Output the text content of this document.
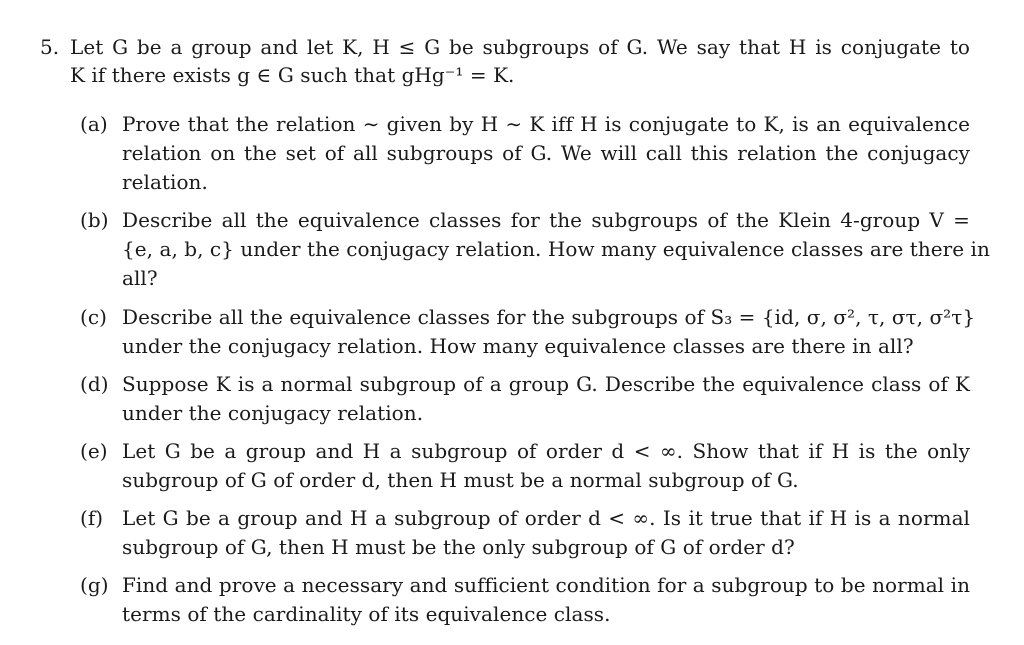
5. Let G be a group and let K, H ≤ G be subgroups of G. We say that H is conjugate to
K if there exists g ∈ G such that gHg⁻¹ = K.
(a) Prove that the relation ∼ given by H ∼ K iff H is conjugate to K, is an equivalence
relation on the set of all subgroups of G. We will call this relation the conjugacy
relation.
(b) Describe all the equivalence classes for the subgroups of the Klein 4-group V =
{e, a, b, c} under the conjugacy relation. How many equivalence classes are there in
all?
(c) Describe all the equivalence classes for the subgroups of S₃ = {id, σ, σ², τ, στ, σ²τ}
under the conjugacy relation. How many equivalence classes are there in all?
(d) Suppose K is a normal subgroup of a group G. Describe the equivalence class of K
under the conjugacy relation.
(e) Let G be a group and H a subgroup of order d < ∞. Show that if H is the only
subgroup of G of order d, then H must be a normal subgroup of G.
(f) Let G be a group and H a subgroup of order d < ∞. Is it true that if H is a normal
subgroup of G, then H must be the only subgroup of G of order d?
(g) Find and prove a necessary and sufficient condition for a subgroup to be normal in
terms of the cardinality of its equivalence class.
